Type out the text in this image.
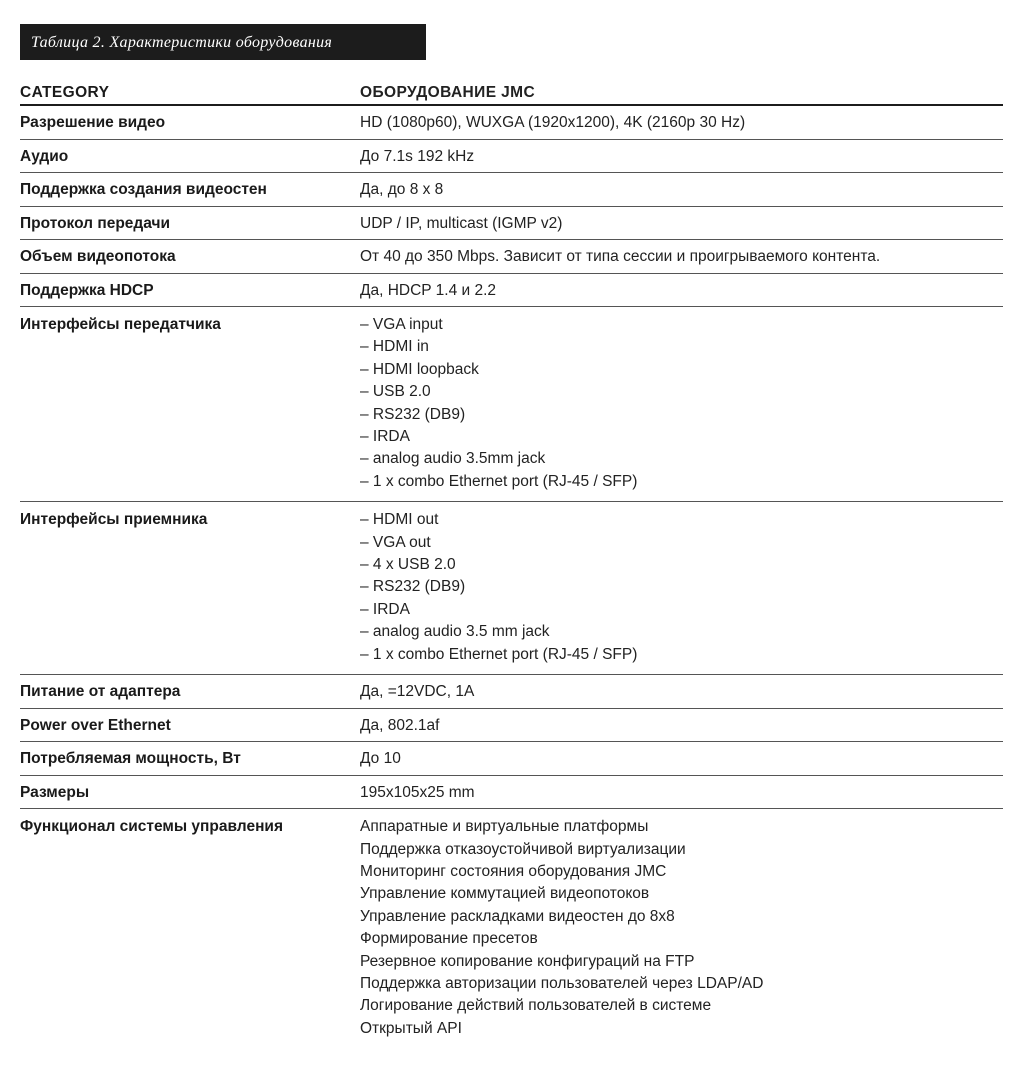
Таблица 2. Характеристики оборудования
CATEGORY	ОБОРУДОВАНИЕ JMC
Разрешение видео	HD (1080p60), WUXGA (1920x1200), 4K (2160p 30 Hz)
Аудио	До 7.1s 192 kHz
Поддержка создания видеостен	Да, до 8 x 8
Протокол передачи	UDP / IP, multicast (IGMP v2)
Объем видеопотока	От 40 до 350 Mbps. Зависит от типа сессии и проигрываемого контента.
Поддержка HDCP	Да, HDCP 1.4 и 2.2
Интерфейсы передатчика	– VGA input
– HDMI in
– HDMI loopback
– USB 2.0
– RS232 (DB9)
– IRDA
– analog audio 3.5mm jack
– 1 x combo Ethernet port (RJ-45 / SFP)
Интерфейсы приемника	– HDMI out
– VGA out
– 4 x USB 2.0
– RS232 (DB9)
– IRDA
– analog audio 3.5 mm jack
– 1 x combo Ethernet port (RJ-45 / SFP)
Питание от адаптера	Да, =12VDC, 1A
Power over Ethernet	Да, 802.1af
Потребляемая мощность, Вт	До 10
Размеры	195x105x25 mm
Функционал системы управления	Аппаратные и виртуальные платформы
Поддержка отказоустойчивой виртуализации
Мониторинг состояния оборудования JMC
Управление коммутацией видеопотоков
Управление раскладками видеостен до 8x8
Формирование пресетов
Резервное копирование конфигураций на FTP
Поддержка авторизации пользователей через LDAP/AD
Логирование действий пользователей в системе
Открытый API
